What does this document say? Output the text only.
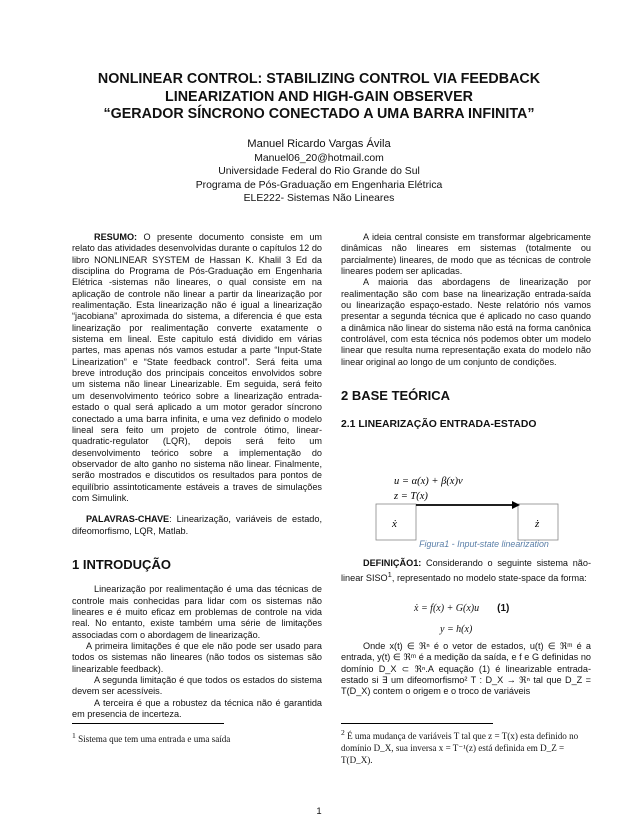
NONLINEAR CONTROL: STABILIZING CONTROL VIA FEEDBACK
LINEARIZATION AND HIGH-GAIN OBSERVER
“GERADOR SÍNCRONO CONECTADO A UMA BARRA INFINITA”
Manuel Ricardo Vargas Ávila
Manuel06_20@hotmail.com
Universidade Federal do Rio Grande do Sul
Programa de Pós-Graduação em Engenharia Elétrica
ELE222- Sistemas Não Lineares

RESUMO: O presente documento consiste em um relato das atividades desenvolvidas durante o capítulos 12 do libro NONLINEAR SYSTEM de Hassan K. Khalil 3 Ed da disciplina do Programa de Pós-Graduação em Engenharia Elétrica -sistemas não lineares, o qual consiste em na aplicação de controle não linear a partir da linearização por realimentação. Esta linearização não é igual a linearização “jacobiana” aproximada do sistema, a diferencia é que esta linearização por realimentação converte exatamente o sistema em lineal. Este capitulo está dividido em várias partes, mas apenas nós vamos estudar a parte “Input-State Linearization” e “State feedback control”. Será feita uma breve introdução dos principais conceitos envolvidos sobre um sistema não linear Linearizable. Em seguida, será feito um desenvolvimento teórico sobre a linearização entrada-estado o qual será aplicado a um motor gerador síncrono conectado a uma barra infinita, e uma vez definido o modelo lineal sera feito um projeto de controle ótimo, linear-quadratic-regulator (LQR), depois será feito um desenvolvimento teórico sobre a implementação do observador de alto ganho no sistema não linear. Finalmente, serão mostrados e discutidos os resultados para pontos de equilíbrio assintoticamente estáveis a traves de simulações com Simulink.

PALAVRAS-CHAVE: Linearização, variáveis de estado, difeomorfismo, LQR, Matlab.

1 INTRODUÇÃO

Linearização por realimentação é uma das técnicas de controle mais conhecidas para lidar com os sistemas não lineares e é muito eficaz em problemas de controle na vida real. No entanto, existe também uma série de limitações associadas com o abordagem de linearização.

A primeira limitações é que ele não pode ser usado para todos os sistemas não lineares (não todos os sistemas são linearizable feedback).

A segunda limitação é que todos os estados do sistema devem ser acessíveis.

A terceira é que a robustez da técnica não é garantida em presencia de incerteza.

$^1$ Sistema que tem uma entrada e uma saída

A ideia central consiste em transformar algebricamente dinâmicas não lineares em sistemas (totalmente ou parcialmente) lineares, de modo que as técnicas de controle lineares podem ser aplicadas.

A maioria das abordagens de linearização por realimentação são com base na linearização entrada-saída ou linearização espaço-estado. Neste relatório nós vamos presentar a segunda técnica que é aplicado no caso quando a dinâmica não linear do sistema não está na forma canônica controlável, com esta técnica nós podemos obter um modelo linear que resulta numa representação exata do modelo não linear original ao longo de um conjunto de condições.

2 BASE TEÓRICA
2.1 LINEARIZAÇÃO ENTRADA-ESTADO
u = α(x) + β(x)v
z = T(x)
ẋ	ż
Figura1 - Input-state linearization

DEFINIÇÃO1: Considerando o seguinte sistema não-linear SISO$^1$, representado no modelo state-space da forma:

ẋ = f(x) + G(x)u (1)
y = h(x)

Onde x(t) ∈ ℜⁿ é o vetor de estados, u(t) ∈ ℜᵐ é a entrada, y(t) ∈ ℜᵐ é a medição da saída, e f e G definidas no domínio D_X ⊂ ℜⁿ.A equação (1) é linearizable entrada-estado si ∃ um difeomorfismo² T : D_X → ℜⁿ tal que D_Z = T(D_X) contem o origem e o troco de variáveis

$^2$ É uma mudança de variáveis T tal que z = T(x) esta definido no domínio D_X, sua inversa x = T⁻¹(z) está definida em D_Z = T(D_X).
1
